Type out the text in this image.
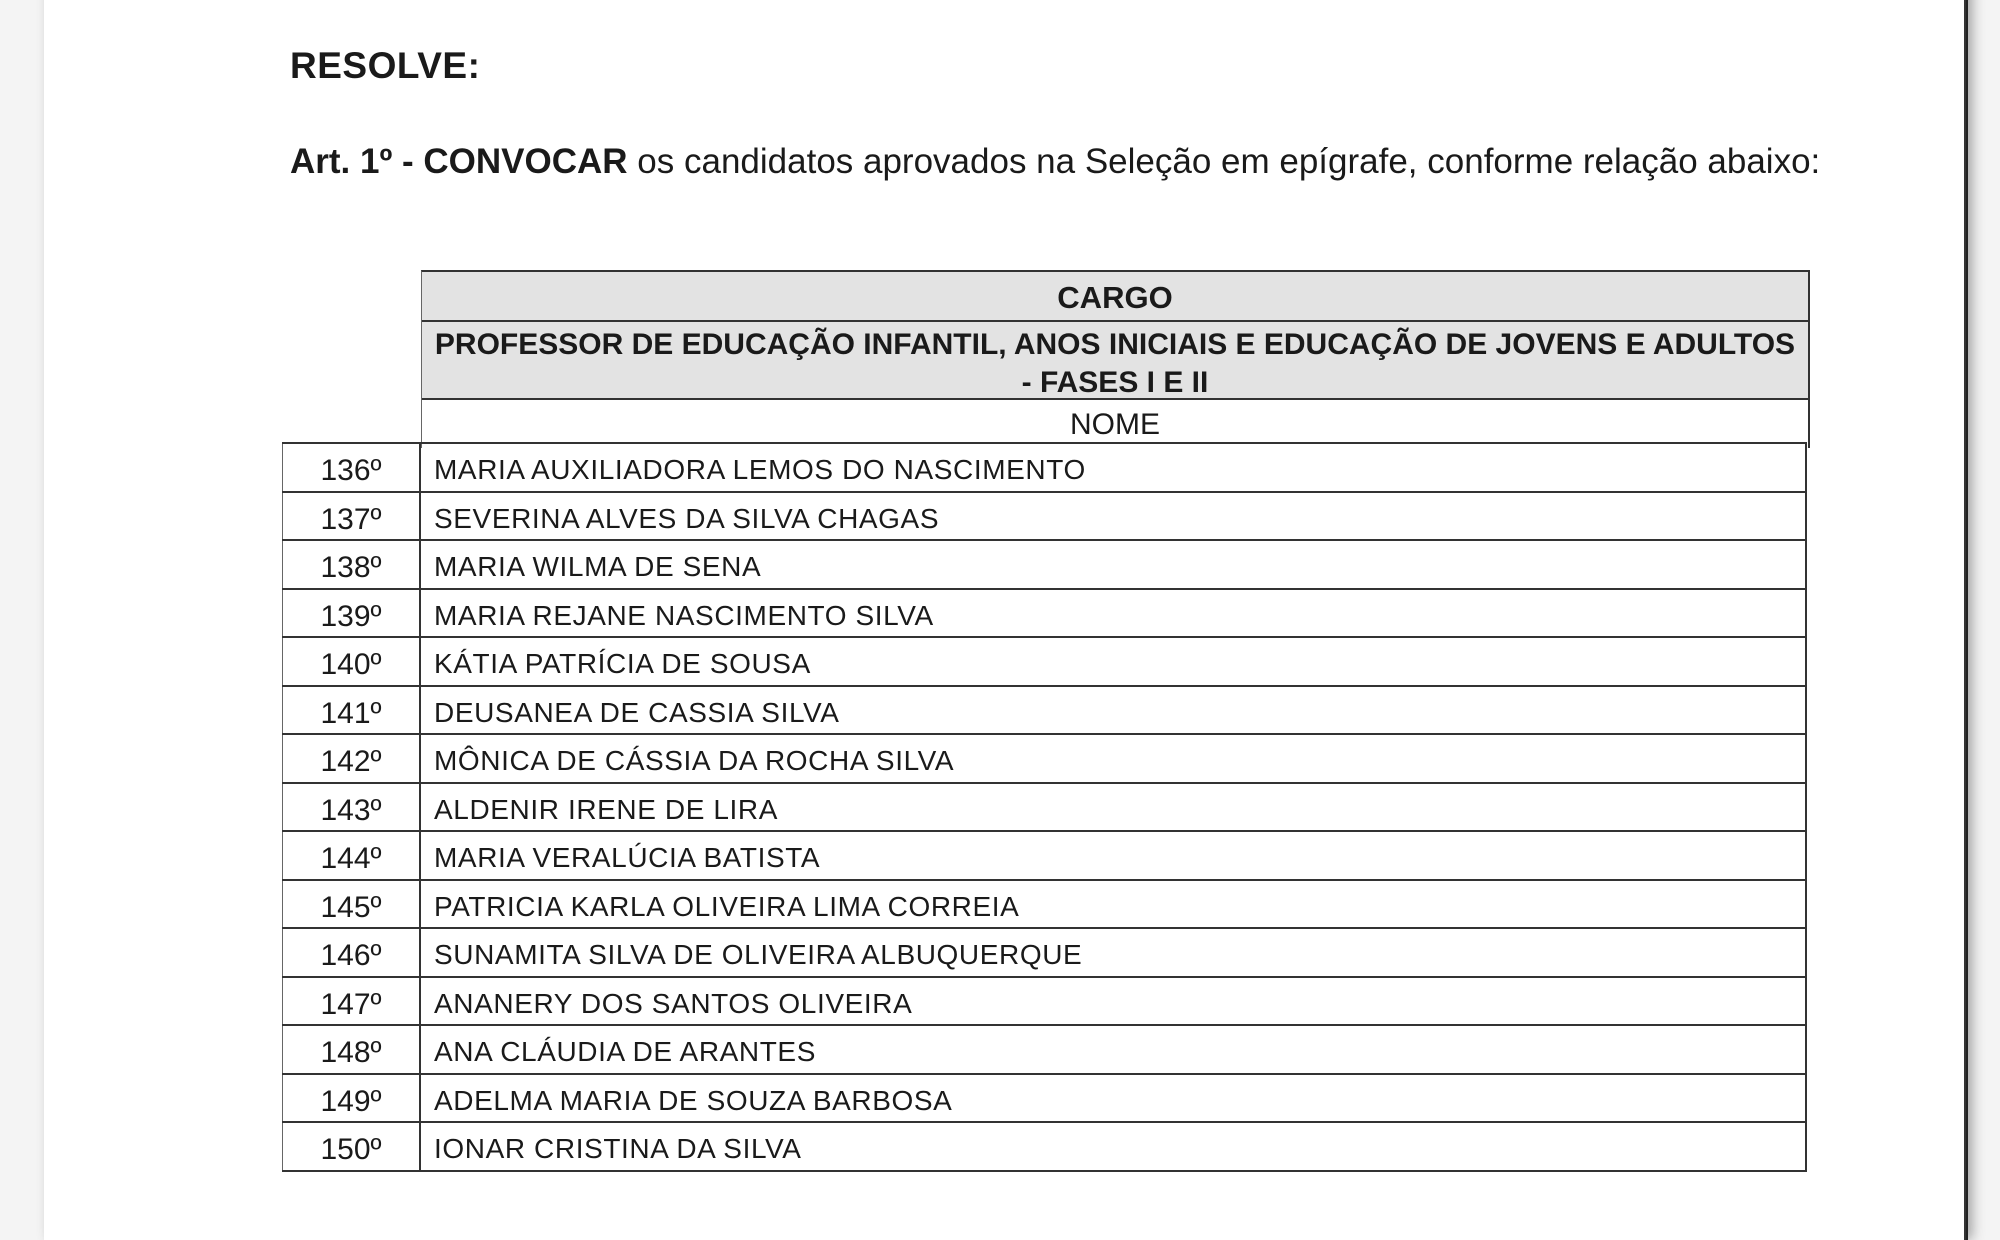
RESOLVE:
Art. 1º - CONVOCAR os candidatos aprovados na Seleção em epígrafe, conforme relação abaixo:
CARGO
PROFESSOR DE EDUCAÇÃO INFANTIL, ANOS INICIAIS E EDUCAÇÃO DE JOVENS E ADULTOS - FASES I E II
NOME
136º	MARIA AUXILIADORA LEMOS DO NASCIMENTO
137º	SEVERINA ALVES DA SILVA CHAGAS
138º	MARIA WILMA DE SENA
139º	MARIA REJANE NASCIMENTO SILVA
140º	KÁTIA PATRÍCIA DE SOUSA
141º	DEUSANEA DE CASSIA SILVA
142º	MÔNICA DE CÁSSIA DA ROCHA SILVA
143º	ALDENIR IRENE DE LIRA
144º	MARIA VERALÚCIA BATISTA
145º	PATRICIA KARLA OLIVEIRA LIMA CORREIA
146º	SUNAMITA SILVA DE OLIVEIRA ALBUQUERQUE
147º	ANANERY DOS SANTOS OLIVEIRA
148º	ANA CLÁUDIA DE ARANTES
149º	ADELMA MARIA DE SOUZA BARBOSA
150º	IONAR CRISTINA DA SILVA
